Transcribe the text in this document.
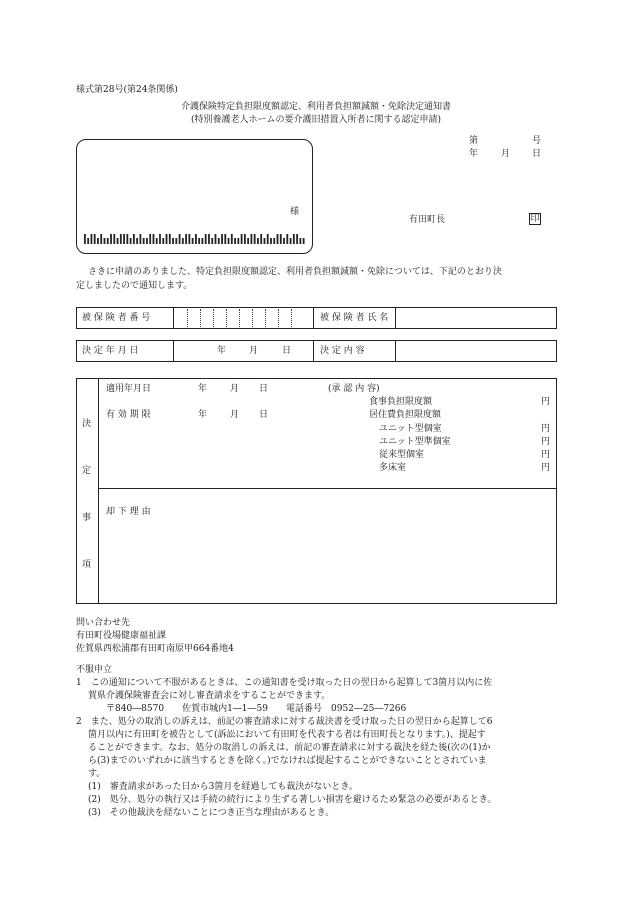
様式第28号(第24条関係)
介護保険特定負担限度額認定、利用者負担額減額・免除決定通知書
(特別養護老人ホームの要介護旧措置入所者に関する認定申請)
第	号
年	月 日
様
有田町長	印
さきに申請のありました、特定負担限度額認定、利用者負担額減額・免除については、下記のとおり決
定しましたので通知します。
被 保 険 者 番 号	被 保 険 者 氏 名
決 定 年 月 日	年	月	日	決 定 内 容
決
定
事
項
適用年月日	年	月 日	(承 認 内 容)
食事負担限度額	円
有 効 期 限	年	月 日	居住費負担限度額
ユニット型個室	円
ユニット型準個室	円
従来型個室	円
多床室	円
却 下 理 由
問い合わせ先
有田町役場健康福祉課
佐賀県西松浦郡有田町南原甲664番地4
不服申立
1　この通知について不服があるときは、この通知書を受け取った日の翌日から起算して3箇月以内に佐
賀県介護保険審査会に対し審査請求をすることができます。
〒840―8570　　佐賀市城内1―1―59　　電話番号　0952―25―7266
2　また、処分の取消しの訴えは、前記の審査請求に対する裁決書を受け取った日の翌日から起算して6
箇月以内に有田町を被告として(訴訟において有田町を代表する者は有田町長となります。)、提起す
ることができます。なお、処分の取消しの訴えは、前記の審査請求に対する裁決を経た後(次の(1)か
ら(3)までのいずれかに該当するときを除く。)でなければ提起することができないこととされていま
す。
(1)　審査請求があった日から3箇月を経過しても裁決がないとき。
(2)　処分、処分の執行又は手続の続行により生ずる著しい損害を避けるため緊急の必要があるとき。
(3)　その他裁決を経ないことにつき正当な理由があるとき。
